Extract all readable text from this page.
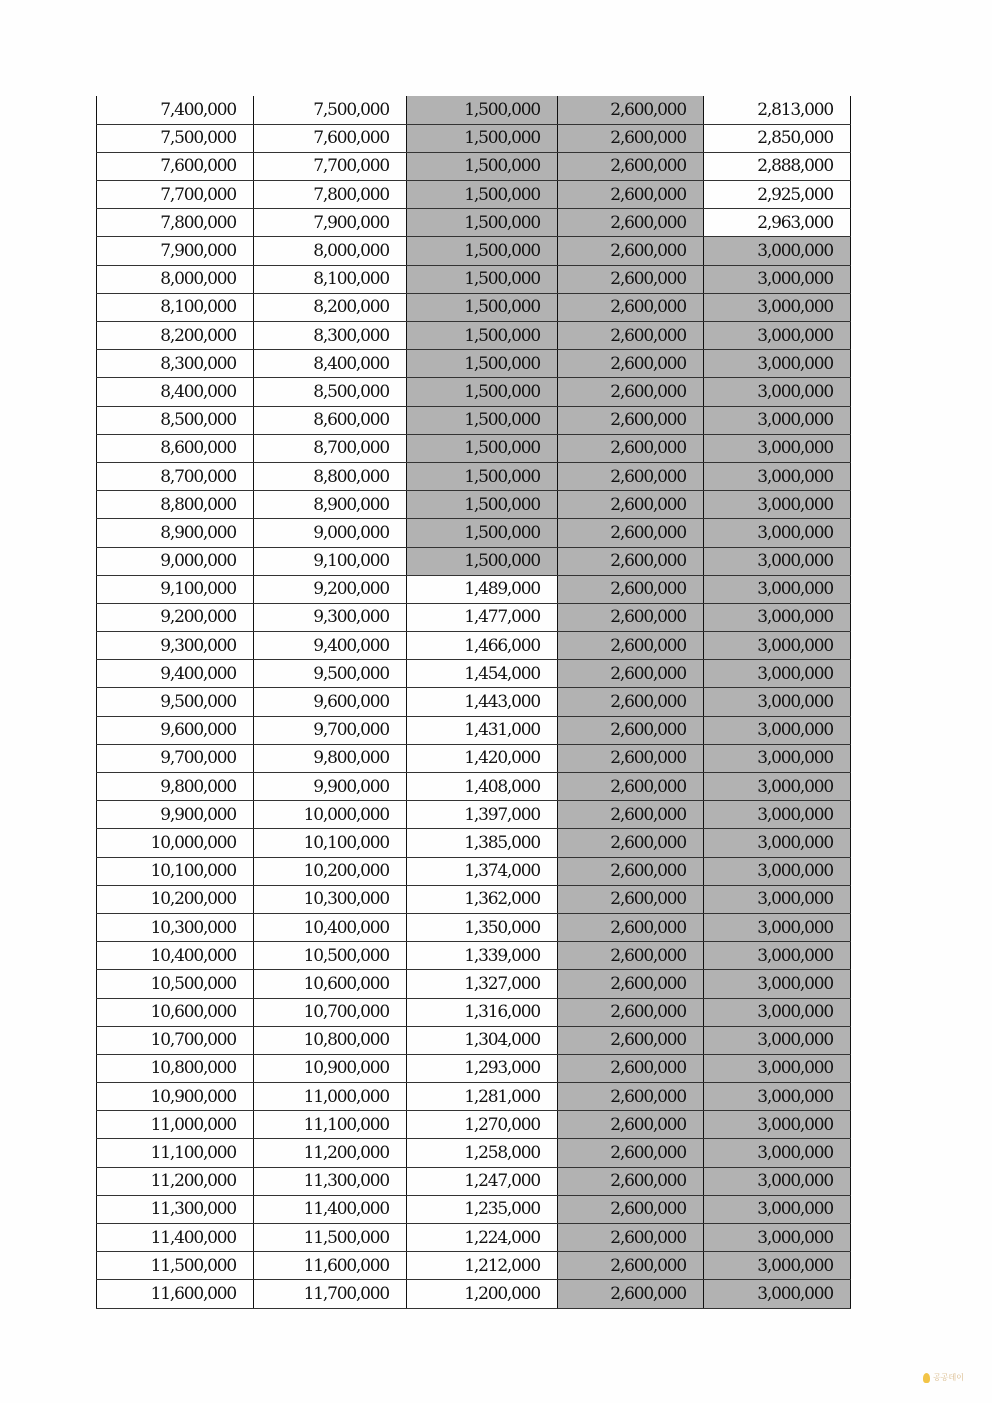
7,400,000	7,500,000	1,500,000	2,600,000	2,813,000
7,500,000	7,600,000	1,500,000	2,600,000	2,850,000
7,600,000	7,700,000	1,500,000	2,600,000	2,888,000
7,700,000	7,800,000	1,500,000	2,600,000	2,925,000
7,800,000	7,900,000	1,500,000	2,600,000	2,963,000
7,900,000	8,000,000	1,500,000	2,600,000	3,000,000
8,000,000	8,100,000	1,500,000	2,600,000	3,000,000
8,100,000	8,200,000	1,500,000	2,600,000	3,000,000
8,200,000	8,300,000	1,500,000	2,600,000	3,000,000
8,300,000	8,400,000	1,500,000	2,600,000	3,000,000
8,400,000	8,500,000	1,500,000	2,600,000	3,000,000
8,500,000	8,600,000	1,500,000	2,600,000	3,000,000
8,600,000	8,700,000	1,500,000	2,600,000	3,000,000
8,700,000	8,800,000	1,500,000	2,600,000	3,000,000
8,800,000	8,900,000	1,500,000	2,600,000	3,000,000
8,900,000	9,000,000	1,500,000	2,600,000	3,000,000
9,000,000	9,100,000	1,500,000	2,600,000	3,000,000
9,100,000	9,200,000	1,489,000	2,600,000	3,000,000
9,200,000	9,300,000	1,477,000	2,600,000	3,000,000
9,300,000	9,400,000	1,466,000	2,600,000	3,000,000
9,400,000	9,500,000	1,454,000	2,600,000	3,000,000
9,500,000	9,600,000	1,443,000	2,600,000	3,000,000
9,600,000	9,700,000	1,431,000	2,600,000	3,000,000
9,700,000	9,800,000	1,420,000	2,600,000	3,000,000
9,800,000	9,900,000	1,408,000	2,600,000	3,000,000
9,900,000	10,000,000	1,397,000	2,600,000	3,000,000
10,000,000	10,100,000	1,385,000	2,600,000	3,000,000
10,100,000	10,200,000	1,374,000	2,600,000	3,000,000
10,200,000	10,300,000	1,362,000	2,600,000	3,000,000
10,300,000	10,400,000	1,350,000	2,600,000	3,000,000
10,400,000	10,500,000	1,339,000	2,600,000	3,000,000
10,500,000	10,600,000	1,327,000	2,600,000	3,000,000
10,600,000	10,700,000	1,316,000	2,600,000	3,000,000
10,700,000	10,800,000	1,304,000	2,600,000	3,000,000
10,800,000	10,900,000	1,293,000	2,600,000	3,000,000
10,900,000	11,000,000	1,281,000	2,600,000	3,000,000
11,000,000	11,100,000	1,270,000	2,600,000	3,000,000
11,100,000	11,200,000	1,258,000	2,600,000	3,000,000
11,200,000	11,300,000	1,247,000	2,600,000	3,000,000
11,300,000	11,400,000	1,235,000	2,600,000	3,000,000
11,400,000	11,500,000	1,224,000	2,600,000	3,000,000
11,500,000	11,600,000	1,212,000	2,600,000	3,000,000
11,600,000	11,700,000	1,200,000	2,600,000	3,000,000
공공데이
